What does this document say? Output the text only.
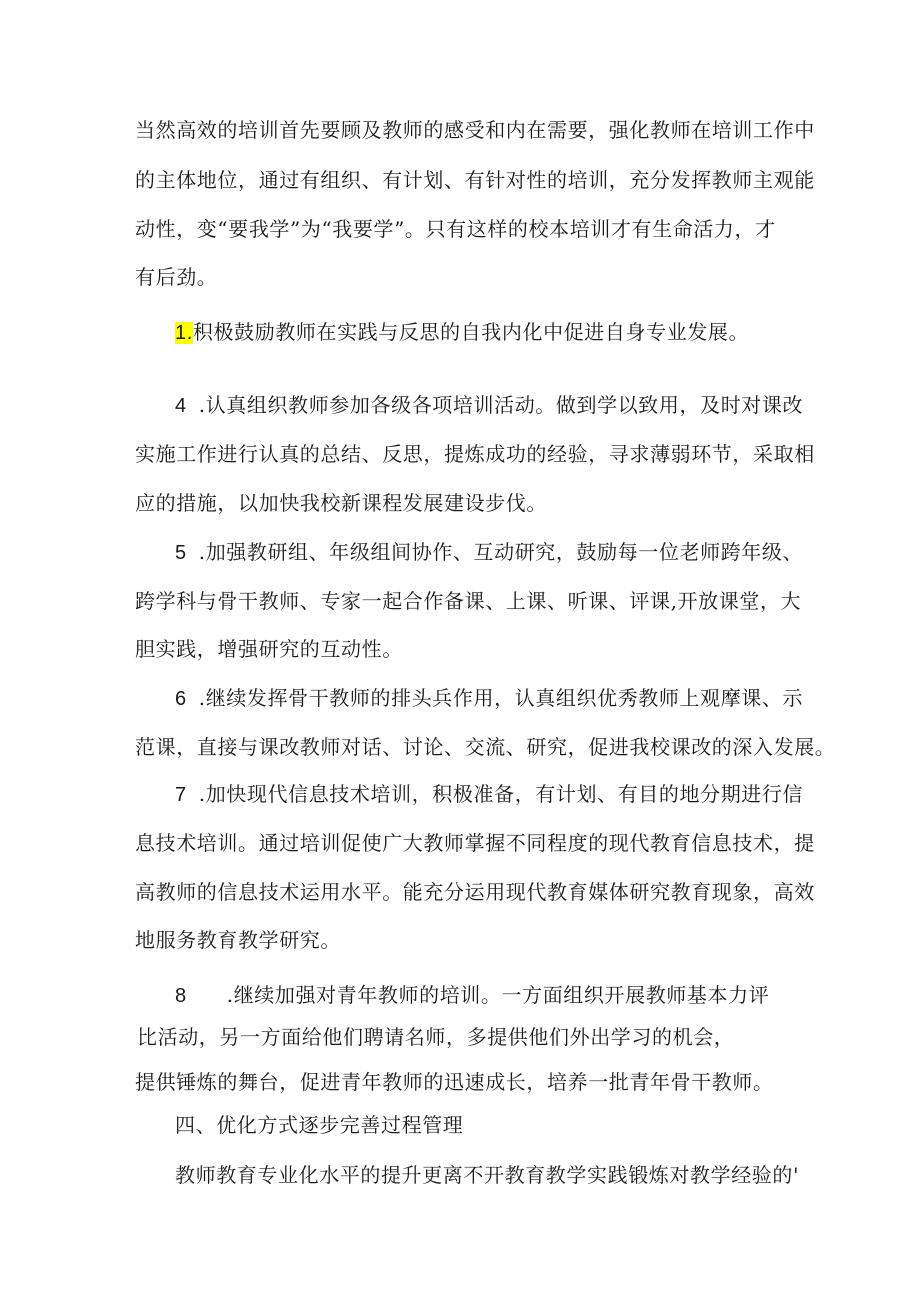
当然高效的培训首先要顾及教师的感受和内在需要，强化教师在培训工作中
的主体地位，通过有组织、有计划、有针对性的培训，充分发挥教师主观能
动性，变“要我学”为“我要学”。只有这样的校本培训才有生命活力，才
有后劲。
1.积极鼓励教师在实践与反思的自我内化中促进自身专业发展。
4 .认真组织教师参加各级各项培训活动。做到学以致用，及时对课改
实施工作进行认真的总结、反思，提炼成功的经验，寻求薄弱环节，采取相
应的措施，以加快我校新课程发展建设步伐。
5 .加强教研组、年级组间协作、互动研究，鼓励每一位老师跨年级、
跨学科与骨干教师、专家一起合作备课、上课、听课、评课,开放课堂，大
胆实践，增强研究的互动性。
6 .继续发挥骨干教师的排头兵作用，认真组织优秀教师上观摩课、示
范课，直接与课改教师对话、讨论、交流、研究，促进我校课改的深入发展。
7 .加快现代信息技术培训，积极准备，有计划、有目的地分期进行信
息技术培训。通过培训促使广大教师掌握不同程度的现代教育信息技术，提
高教师的信息技术运用水平。能充分运用现代教育媒体研究教育现象，高效
地服务教育教学研究。
8 .继续加强对青年教师的培训。一方面组织开展教师基本力评
比活动，另一方面给他们聘请名师，多提供他们外出学习的机会，
提供锤炼的舞台，促进青年教师的迅速成长，培养一批青年骨干教师。
四、优化方式逐步完善过程管理
教师教育专业化水平的提升更离不开教育教学实践锻炼对教学经验的'
